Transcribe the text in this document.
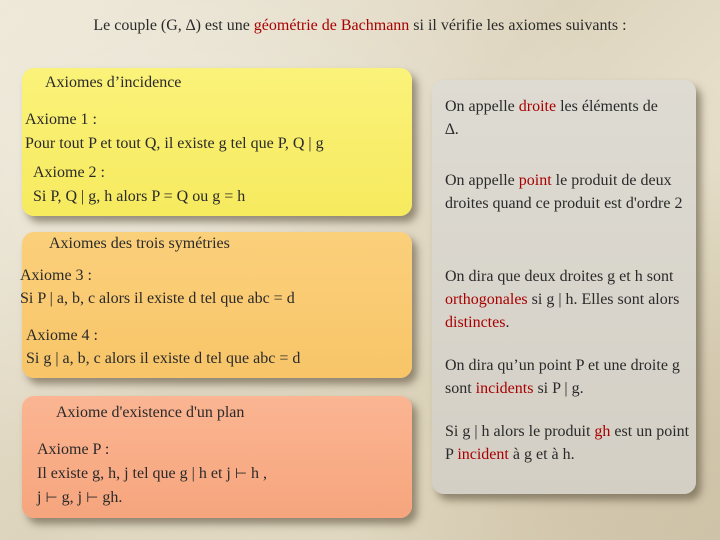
Le couple (G, ∆) est une géométrie de Bachmann si il vérifie les axiomes suivants :
Axiomes d’incidence
Axiome 1 :
Pour tout P et tout Q, il existe g tel que P, Q | g
Axiome 2 :
Si P, Q | g, h alors P = Q ou g = h
Axiomes des trois symétries
Axiome 3 :
Si P | a, b, c alors il existe d tel que abc = d
Axiome 4 :
Si g | a, b, c alors il existe d tel que abc = d
Axiome d'existence d'un plan
Axiome P :
Il existe g, h, j tel que g | h et j ⊢ h ,
j ⊢ g, j ⊢ gh.
On appelle droite les éléments de ∆.
On appelle point le produit de deux droites quand ce produit est d'ordre 2
On dira que deux droites g et h sont orthogonales si g | h. Elles sont alors distinctes.
On dira qu’un point P et une droite g sont incidents si P | g.
Si g | h alors le produit gh est un point P incident à g et à h.
